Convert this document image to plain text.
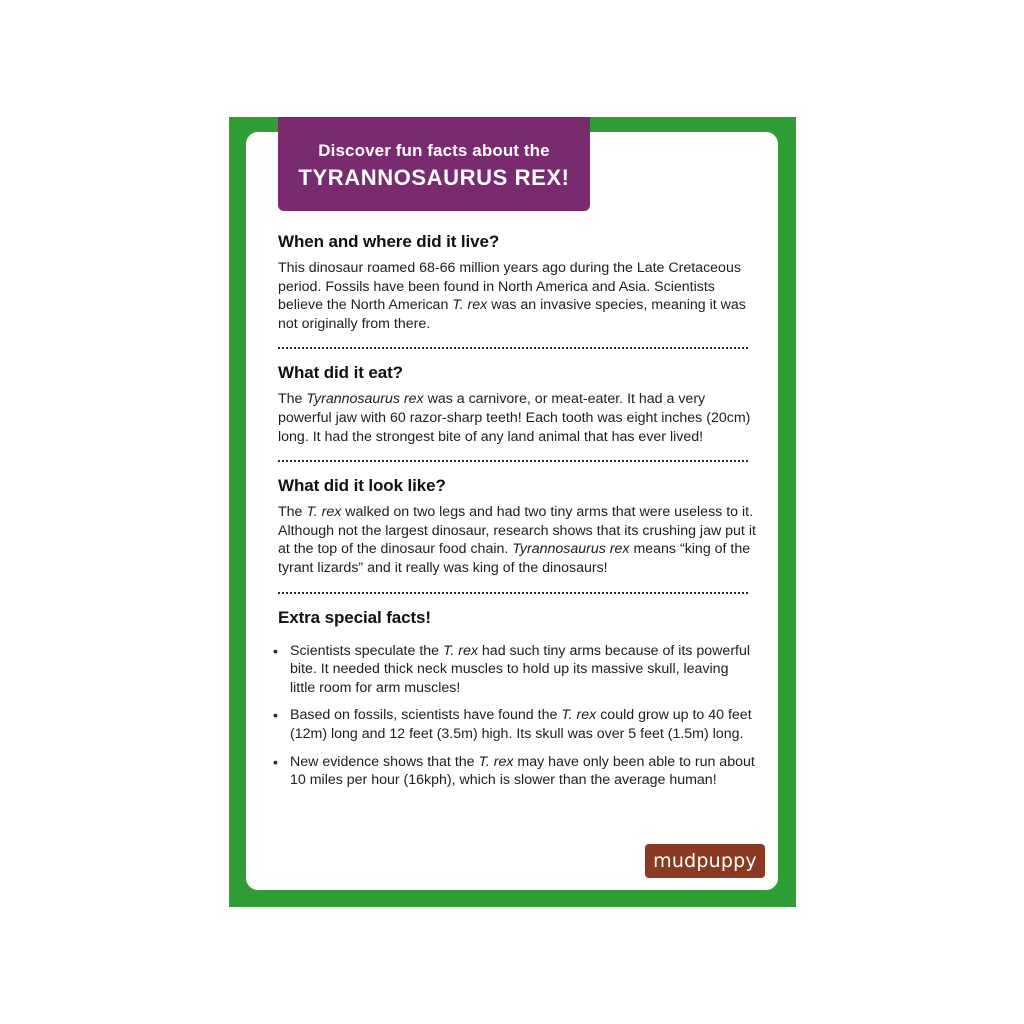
Discover fun facts about the
TYRANNOSAURUS REX!
When and where did it live?

This dinosaur roamed 68-66 million years ago during the Late Cretaceous period. Fossils have been found in North America and Asia. Scientists believe the North American T. rex was an invasive species, meaning it was not originally from there.

What did it eat?

The Tyrannosaurus rex was a carnivore, or meat-eater. It had a very powerful jaw with 60 razor-sharp teeth! Each tooth was eight inches (20cm) long. It had the strongest bite of any land animal that has ever lived!

What did it look like?

The T. rex walked on two legs and had two tiny arms that were useless to it. Although not the largest dinosaur, research shows that its crushing jaw put it at the top of the dinosaur food chain. Tyrannosaurus rex means “king of the tyrant lizards” and it really was king of the dinosaurs!

Extra special facts!
• Scientists speculate the T. rex had such tiny arms because of its powerful bite. It needed thick neck muscles to hold up its massive skull, leaving little room for arm muscles!
• Based on fossils, scientists have found the T. rex could grow up to 40 feet (12m) long and 12 feet (3.5m) high. Its skull was over 5 feet (1.5m) long.
• New evidence shows that the T. rex may have only been able to run about 10 miles per hour (16kph), which is slower than the average human!
mudpuppy
